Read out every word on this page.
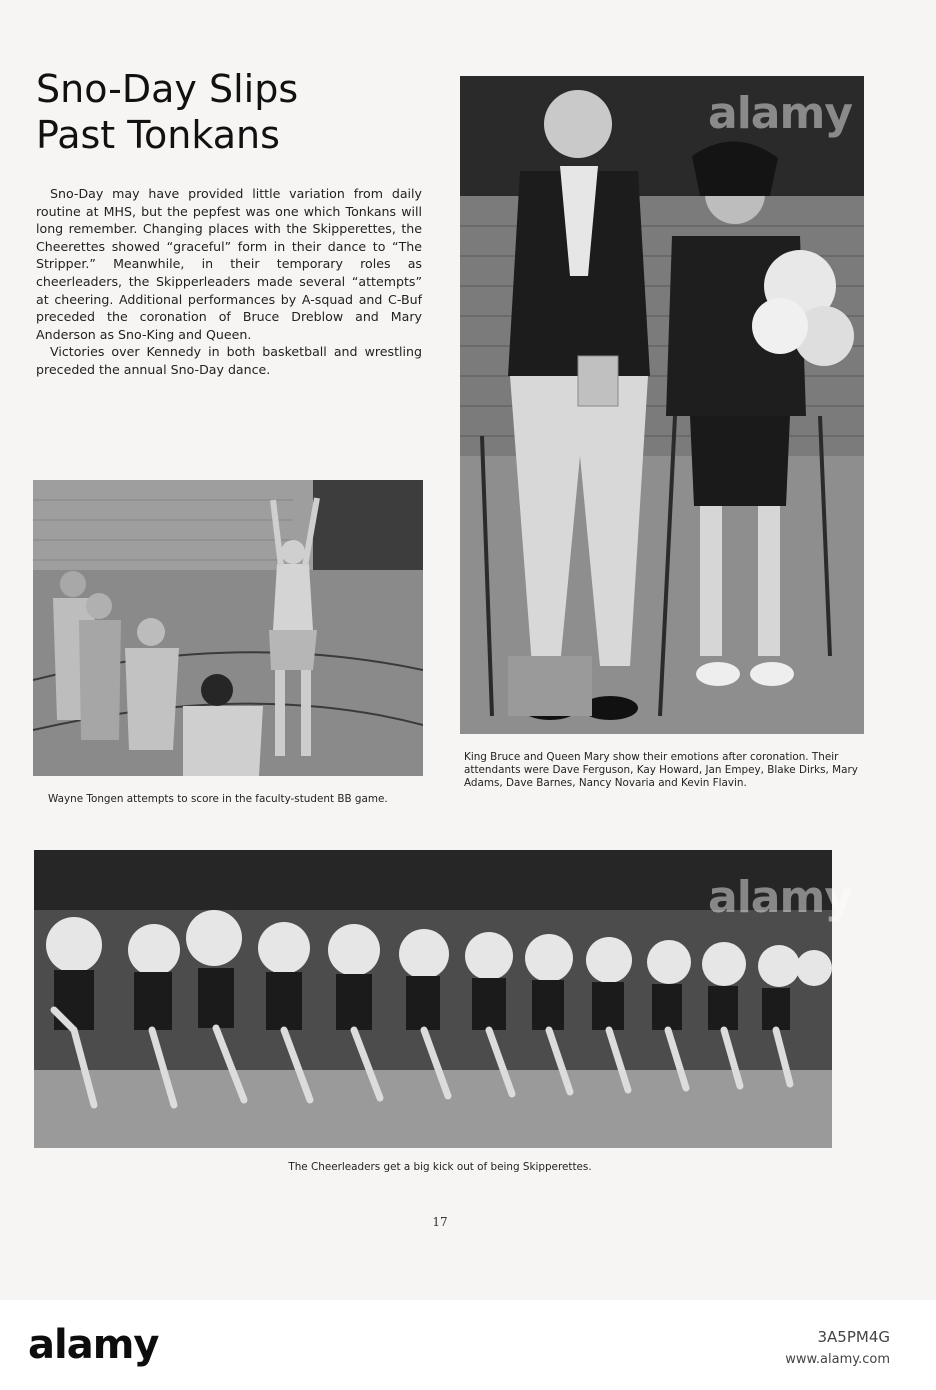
Sno-Day Slips
Past Tonkans

Sno-Day may have provided little variation from daily routine at MHS, but the pepfest was one which Tonkans will long remember. Changing places with the Skipperettes, the Cheerettes showed “graceful” form in their dance to “The Stripper.” Meanwhile, in their temporary roles as cheerleaders, the Skipperleaders made several “attempts” at cheering. Additional performances by A-squad and C-Buf preceded the coronation of Bruce Dreblow and Mary Anderson as Sno-King and Queen.

Victories over Kennedy in both basketball and wrestling preceded the annual Sno-Day dance.

alamy
alamy
Wayne Tongen attempts to score in the faculty-student BB game.
King Bruce and Queen Mary show their emotions after coronation. Their attendants were Dave Ferguson, Kay Howard, Jan Empey, Blake Dirks, Mary Adams, Dave Barnes, Nancy Novaria and Kevin Flavin.
The Cheerleaders get a big kick out of being Skipperettes.
17
alamy	3A5PM4G
www.alamy.com
